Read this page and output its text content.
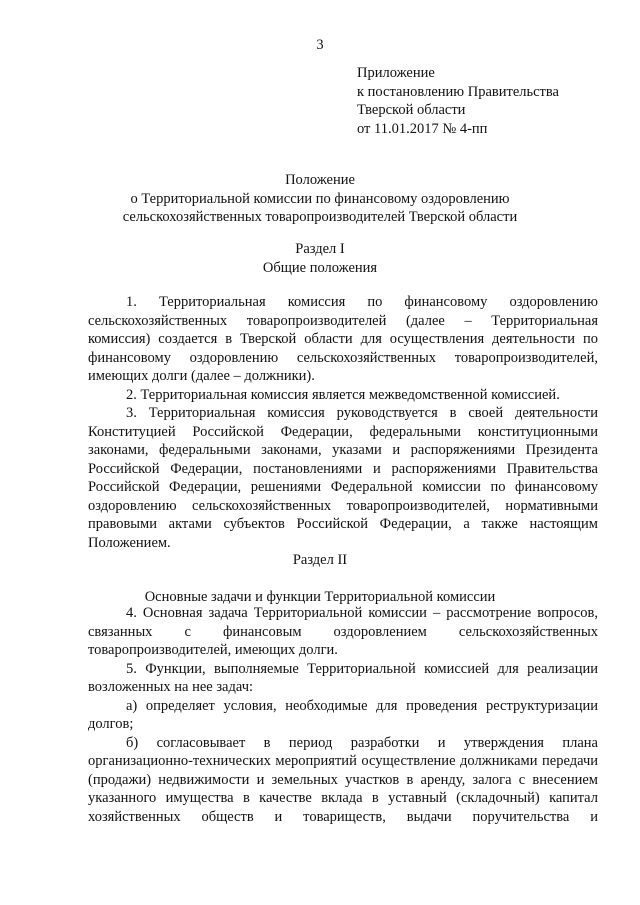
3
Приложение
к постановлению Правительства
Тверской области
от 11.01.2017 № 4-пп
Положение
о Территориальной комиссии по финансовому оздоровлению
сельскохозяйственных товаропроизводителей Тверской области
Раздел I
Общие положения

1. Территориальная комиссия по финансовому оздоровлению сельскохозяйственных товаропроизводителей (далее – Территориальная комиссия) создается в Тверской области для осуществления деятельности по финансовому оздоровлению сельскохозяйственных товаропроизводителей, имеющих долги (далее – должники).

2. Территориальная комиссия является межведомственной комиссией.

3. Территориальная комиссия руководствуется в своей деятельности Конституцией Российской Федерации, федеральными конституционными законами, федеральными законами, указами и распоряжениями Президента Российской Федерации, постановлениями и распоряжениями Правительства Российской Федерации, решениями Федеральной комиссии по финансовому оздоровлению сельскохозяйственных товаропроизводителей, нормативными правовыми актами субъектов Российской Федерации, а также настоящим Положением.

Раздел II
Основные задачи и функции Территориальной комиссии

4. Основная задача Территориальной комиссии – рассмотрение вопросов, связанных с финансовым оздоровлением сельскохозяйственных товаропроизводителей, имеющих долги.

5. Функции, выполняемые Территориальной комиссией для реализации возложенных на нее задач:

а) определяет условия, необходимые для проведения реструктуризации долгов;

б) согласовывает в период разработки и утверждения плана организационно-технических мероприятий осуществление должниками передачи (продажи) недвижимости и земельных участков в аренду, залога с внесением указанного имущества в качестве вклада в уставный (складочный) капитал хозяйственных обществ и товариществ, выдачи поручительства и
